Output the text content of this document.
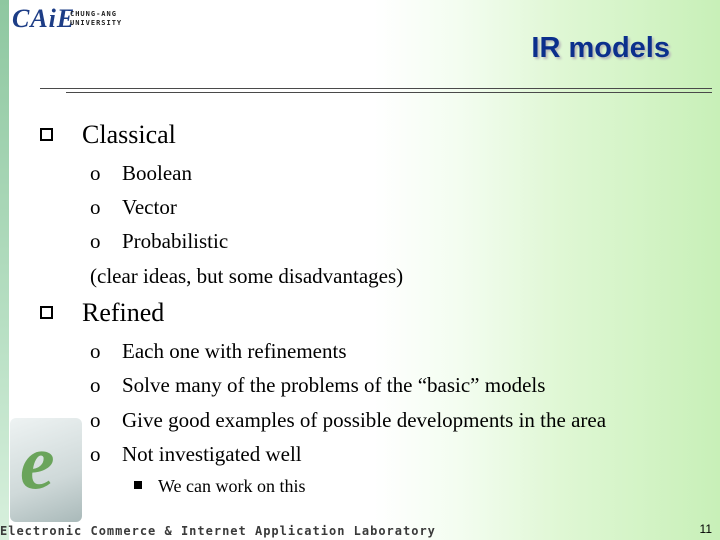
CAiE
CHUNG-ANG
UNIVERSITY
IR models
Classical
o Boolean
o Vector
o Probabilistic
(clear ideas, but some disadvantages)
Refined
o Each one with refinements
o Solve many of the problems of the “basic” models
o Give good examples of possible developments in the area
o Not investigated well
We can work on this
e
Electronic Commerce & Internet Application Laboratory	11
